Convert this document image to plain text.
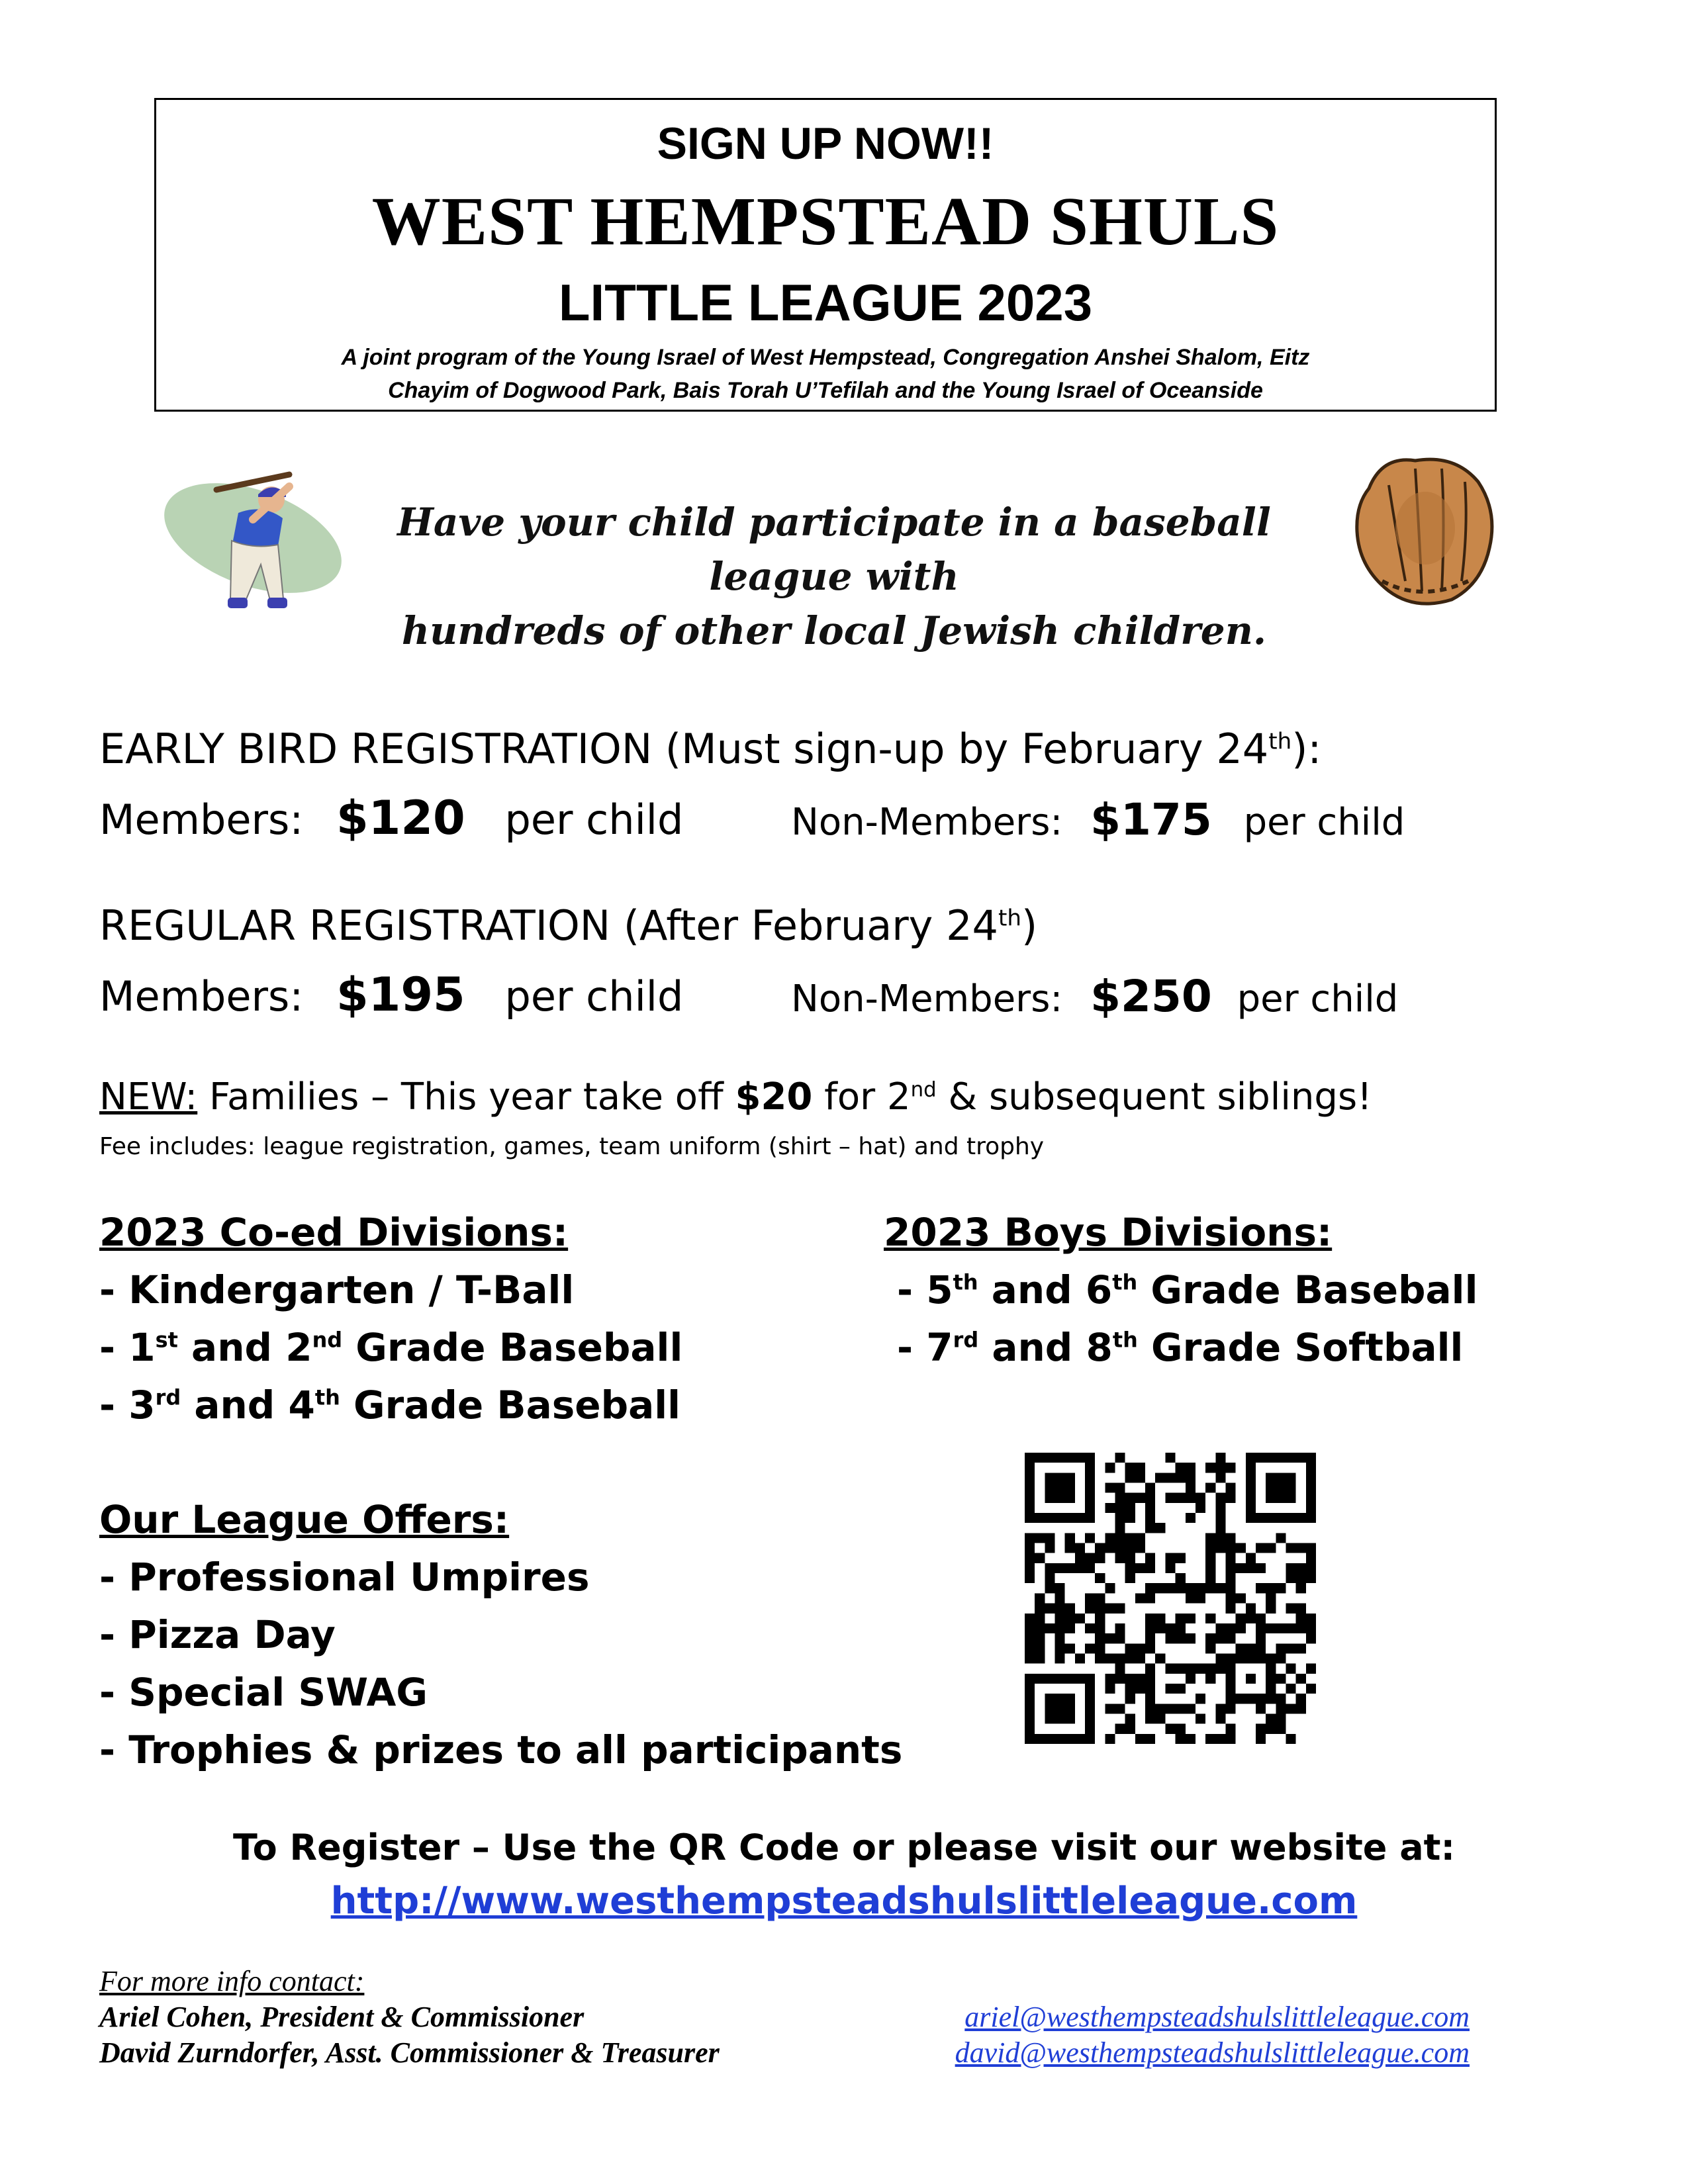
SIGN UP NOW!!
WEST HEMPSTEAD SHULS
LITTLE LEAGUE 2023
A joint program of the Young Israel of West Hempstead, Congregation Anshei Shalom, Eitz
Chayim of Dogwood Park, Bais Torah U’Tefilah and the Young Israel of Oceanside
Have your child participate in a baseball league with
hundreds of other local Jewish children.
EARLY BIRD REGISTRATION (Must sign-up by February 24th):
Members: $120 per child	Non-Members: $175 per child
REGULAR REGISTRATION (After February 24th)
Members: $195 per child	Non-Members: $250 per child
NEW: Families – This year take off $20 for 2nd & subsequent siblings!
Fee includes: league registration, games, team uniform (shirt – hat) and trophy
2023 Co-ed Divisions:
- Kindergarten / T-Ball
- 1st and 2nd Grade Baseball
- 3rd and 4th Grade Baseball
2023 Boys Divisions:
- 5th and 6th Grade Baseball
- 7rd and 8th Grade Softball
Our League Offers:
- Professional Umpires
- Pizza Day
- Special SWAG
- Trophies & prizes to all participants
To Register – Use the QR Code or please visit our website at:
http://www.westhempsteadshulslittleleague.com
For more info contact:
Ariel Cohen, President & Commissioner	ariel@westhempsteadshulslittleleague.com
David Zurndorfer, Asst. Commissioner & Treasurer	david@westhempsteadshulslittleleague.com
